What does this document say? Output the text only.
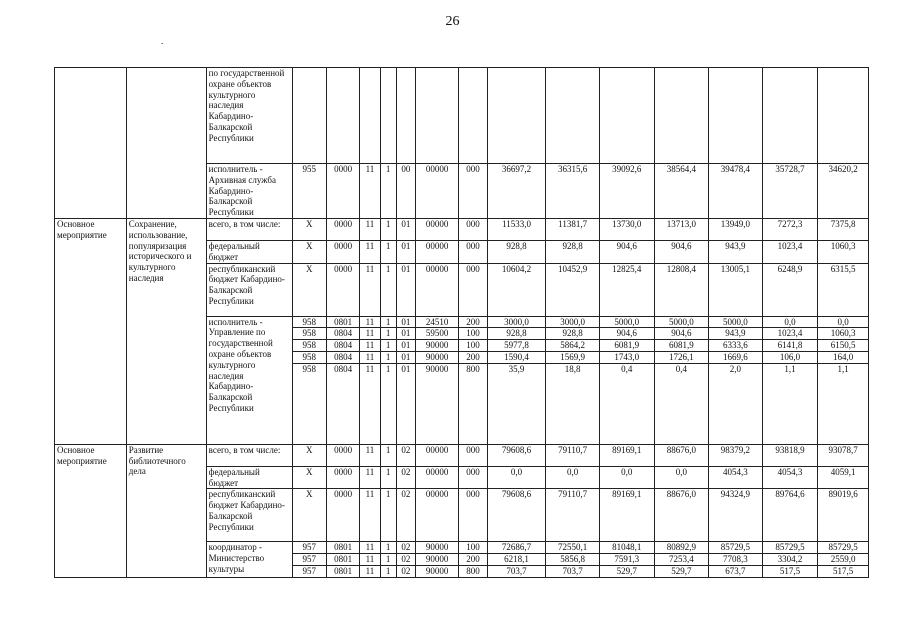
26
.
		по государственной охране объектов культурного наследия Кабардино-Балкарской Республики														
		исполнитель - Архивная служба Кабардино-Балкарской Республики	955	0000	11	1	00	00000	000	36697,2	36315,6	39092,6	38564,4	39478,4	35728,7	34620,2
Основное мероприятие	Сохранение, использование, популяризация исторического и культурного наследия	всего, в том числе:	X	0000	11	1	01	00000	000	11533,0	11381,7	13730,0	13713,0	13949,0	7272,3	7375,8
		федеральный бюджет	X	0000	11	1	01	00000	000	928,8	928,8	904,6	904,6	943,9	1023,4	1060,3
		республиканский бюджет Кабардино-Балкарской Республики	X	0000	11	1	01	00000	000	10604,2	10452,9	12825,4	12808,4	13005,1	6248,9	6315,5
		исполнитель - Управление по государственной охране объектов культурного наследия Кабардино-Балкарской Республики	958	0801	11	1	01	24510	200	3000,0	3000,0	5000,0	5000,0	5000,0	0,0	0,0
			958	0804	11	1	01	59500	100	928,8	928,8	904,6	904,6	943,9	1023,4	1060,3
			958	0804	11	1	01	90000	100	5977,8	5864,2	6081,9	6081,9	6333,6	6141,8	6150,5
			958	0804	11	1	01	90000	200	1590,4	1569,9	1743,0	1726,1	1669,6	106,0	164,0
			958	0804	11	1	01	90000	800	35,9	18,8	0,4	0,4	2,0	1,1	1,1
Основное мероприятие	Развитие библиотечного дела	всего, в том числе:	X	0000	11	1	02	00000	000	79608,6	79110,7	89169,1	88676,0	98379,2	93818,9	93078,7
		федеральный бюджет	X	0000	11	1	02	00000	000	0,0	0,0	0,0	0,0	4054,3	4054,3	4059,1
		республиканский бюджет Кабардино-Балкарской Республики	X	0000	11	1	02	00000	000	79608,6	79110,7	89169,1	88676,0	94324,9	89764,6	89019,6
		координатор - Министерство культуры	957	0801	11	1	02	90000	100	72686,7	72550,1	81048,1	80892,9	85729,5	85729,5	85729,5
			957	0801	11	1	02	90000	200	6218,1	5856,8	7591,3	7253,4	7708,3	3304,2	2559,0
			957	0801	11	1	02	90000	800	703,7	703,7	529,7	529,7	673,7	517,5	517,5
